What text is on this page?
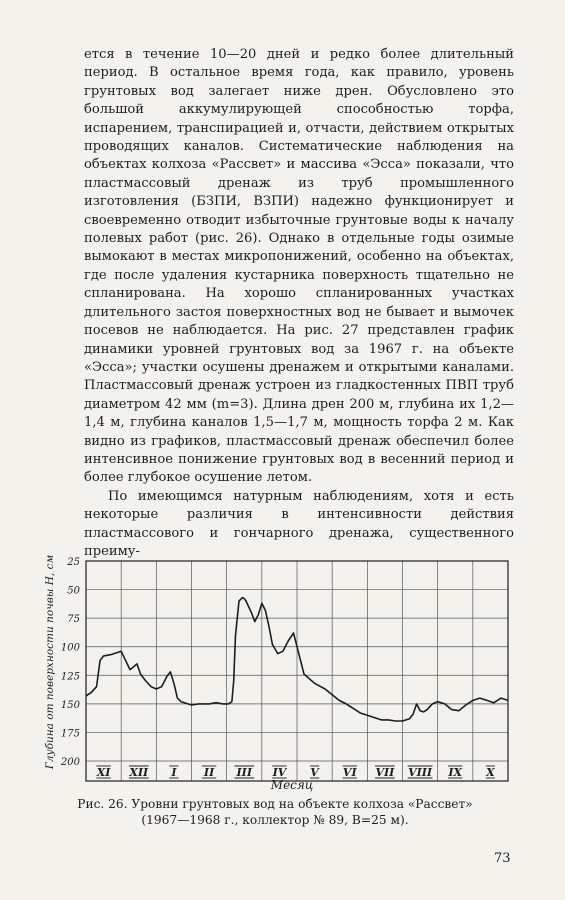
ется в течение 10—20 дней и редко более длительный период. В остальное время года, как правило, уровень грунтовых вод залегает ниже дрен. Обусловлено это большой аккумулирующей способностью торфа, испарением, транспирацией и, отчасти, действием открытых проводящих каналов. Систематические наблюдения на объектах колхоза «Рассвет» и массива «Эсса» показали, что пластмассовый дренаж из труб промышленного изготовления (БЗПИ, ВЗПИ) надежно функционирует и своевременно отводит избыточные грунтовые воды к началу полевых работ (рис. 26). Однако в отдельные годы озимые вымокают в местах микропонижений, особенно на объектах, где после удаления кустарника поверхность тщательно не спланирована. На хорошо спланированных участках длительного застоя поверхностных вод не бывает и вымочек посевов не наблюдается. На рис. 27 представлен график динамики уровней грунтовых вод за 1967 г. на объекте «Эсса»; участки осушены дренажем и открытыми каналами. Пластмассовый дренаж устроен из гладкостенных ПВП труб диаметром 42 мм (m=3). Длина дрен 200 м, глубина их 1,2—1,4 м, глубина каналов 1,5—1,7 м, мощность торфа 2 м. Как видно из графиков, пластмассовый дренаж обеспечил более интенсивное понижение грунтовых вод в весенний период и более глубокое осушение летом.

По имеющимся натурным наблюдениям, хотя и есть некоторые различия в интенсивности действия пластмассового и гончарного дренажа, существенного преиму-

25
50
75
100
125
150
175
200
XI XII I II III IV V VI VII VIII IX X
Глубина от поверхности почвы H, см
Месяц
Рис. 26. Уровни грунтовых вод на объекте колхоза «Рассвет»
(1967—1968 г., коллектор № 89, B=25 м).
73
